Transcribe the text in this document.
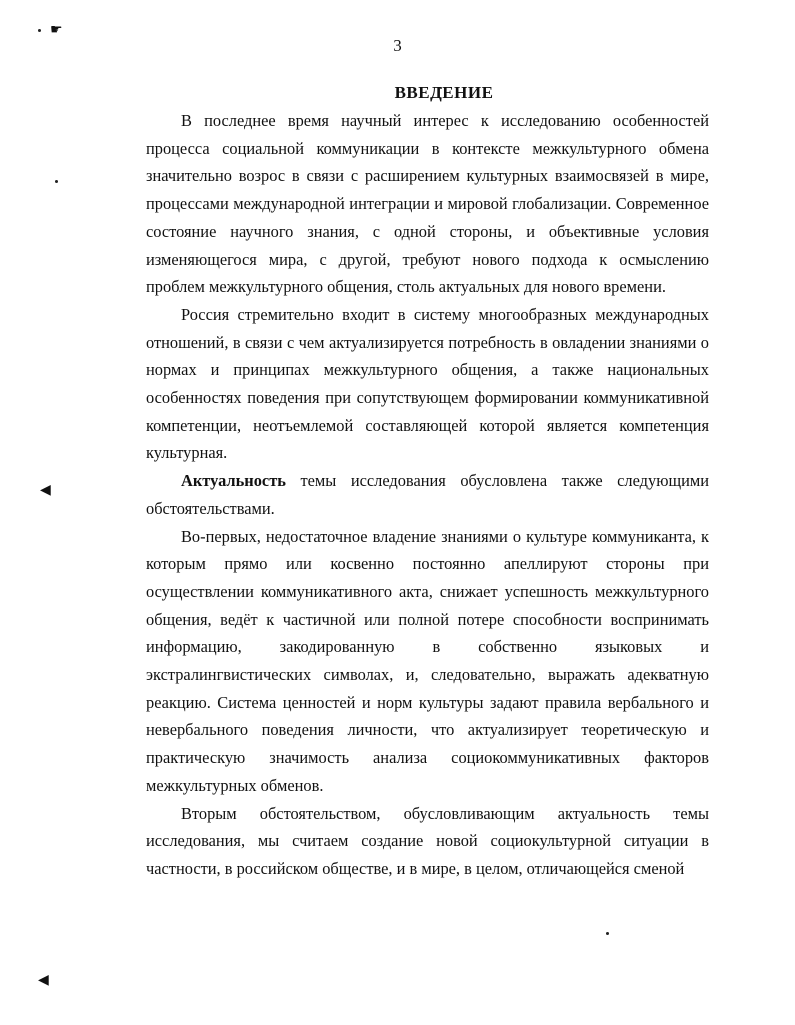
☛
◀
◀
3
ВВЕДЕНИЕ

В последнее время научный интерес к исследованию особенностей процесса социальной коммуникации в контексте межкультурного обмена значительно возрос в связи с расширением культурных взаимосвязей в мире, процессами международной интеграции и мировой глобализации. Современное состояние научного знания, с одной стороны, и объективные условия изменяющегося мира, с другой, требуют нового подхода к осмыслению проблем межкультурного общения, столь актуальных для нового времени.

Россия стремительно входит в систему многообразных международных отношений, в связи с чем актуализируется потребность в овладении знаниями о нормах и принципах межкультурного общения, а также национальных особенностях поведения при сопутствующем формировании коммуникативной компетенции, неотъемлемой составляющей которой является компетенция культурная.

Актуальность темы исследования обусловлена также следующими обстоятельствами.

Во-первых, недостаточное владение знаниями о культуре коммуниканта, к которым прямо или косвенно постоянно апеллируют стороны при осуществлении коммуникативного акта, снижает успешность межкультурного общения, ведёт к частичной или полной потере способности воспринимать информацию, закодированную в собственно языковых и экстралингвистических символах, и, следовательно, выражать адекватную реакцию. Система ценностей и норм культуры задают правила вербального и невербального поведения личности, что актуализирует теоретическую и практическую значимость анализа социокоммуникативных факторов межкультурных обменов.

Вторым обстоятельством, обусловливающим актуальность темы исследования, мы считаем создание новой социокультурной ситуации в частности, в российском обществе, и в мире, в целом, отличающейся сменой
